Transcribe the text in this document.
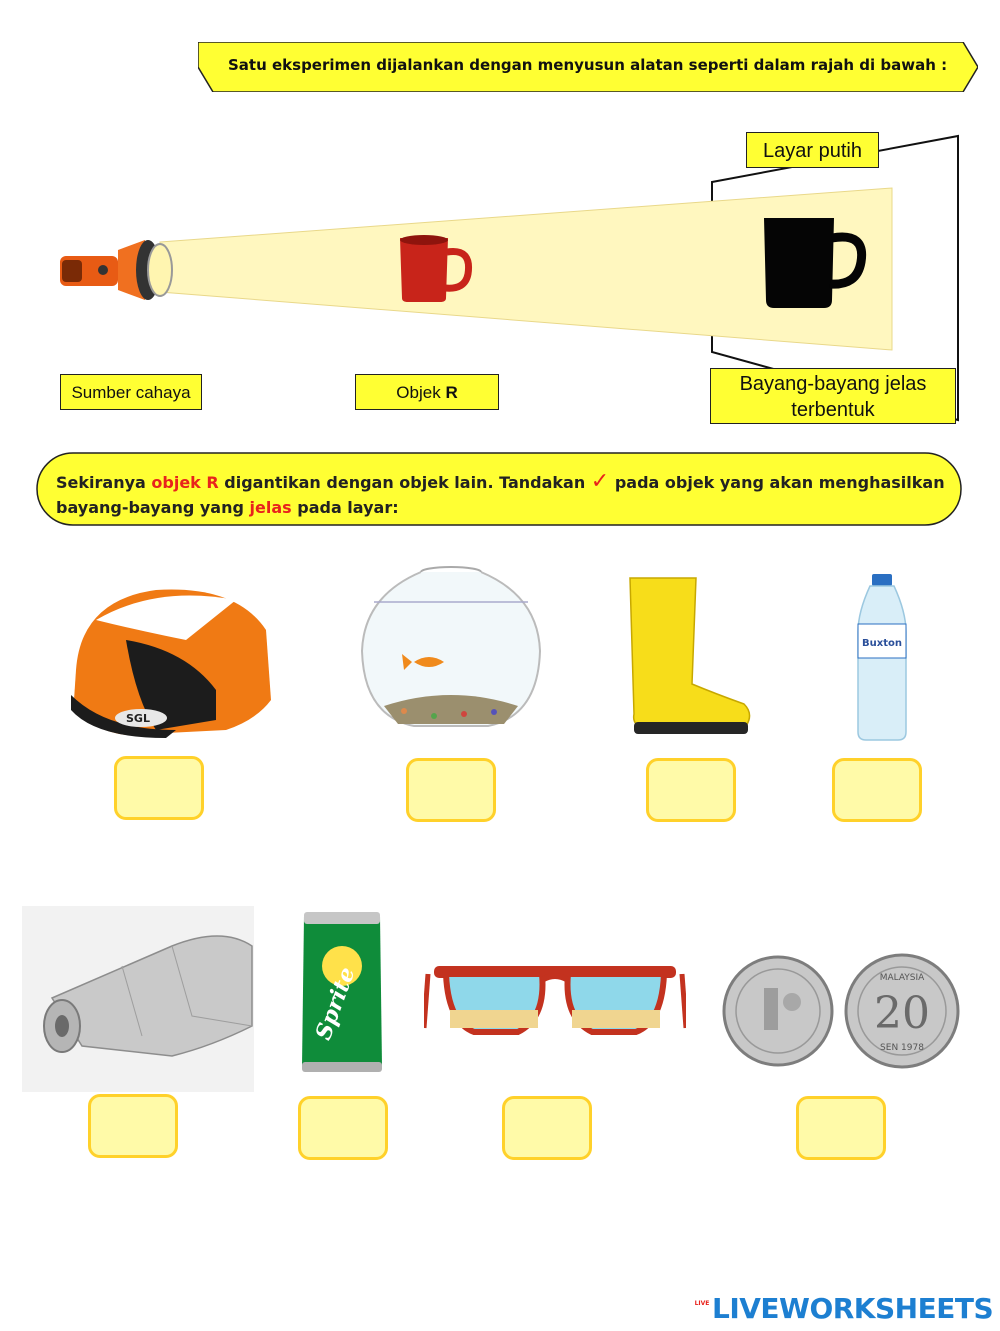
Satu eksperimen dijalankan dengan menyusun alatan seperti dalam rajah di bawah :
Layar putih
Sumber cahaya	Objek R	Bayang-bayang jelas
terbentuk
Sekiranya objek R digantikan dengan objek lain. Tandakan ✓ pada objek yang akan menghasilkan
bayang-bayang yang jelas pada layar:
SGL
Buxton
Sprite	MALAYSIA
20
SEN 1978
LIVE LIVEWORKSHEETS
